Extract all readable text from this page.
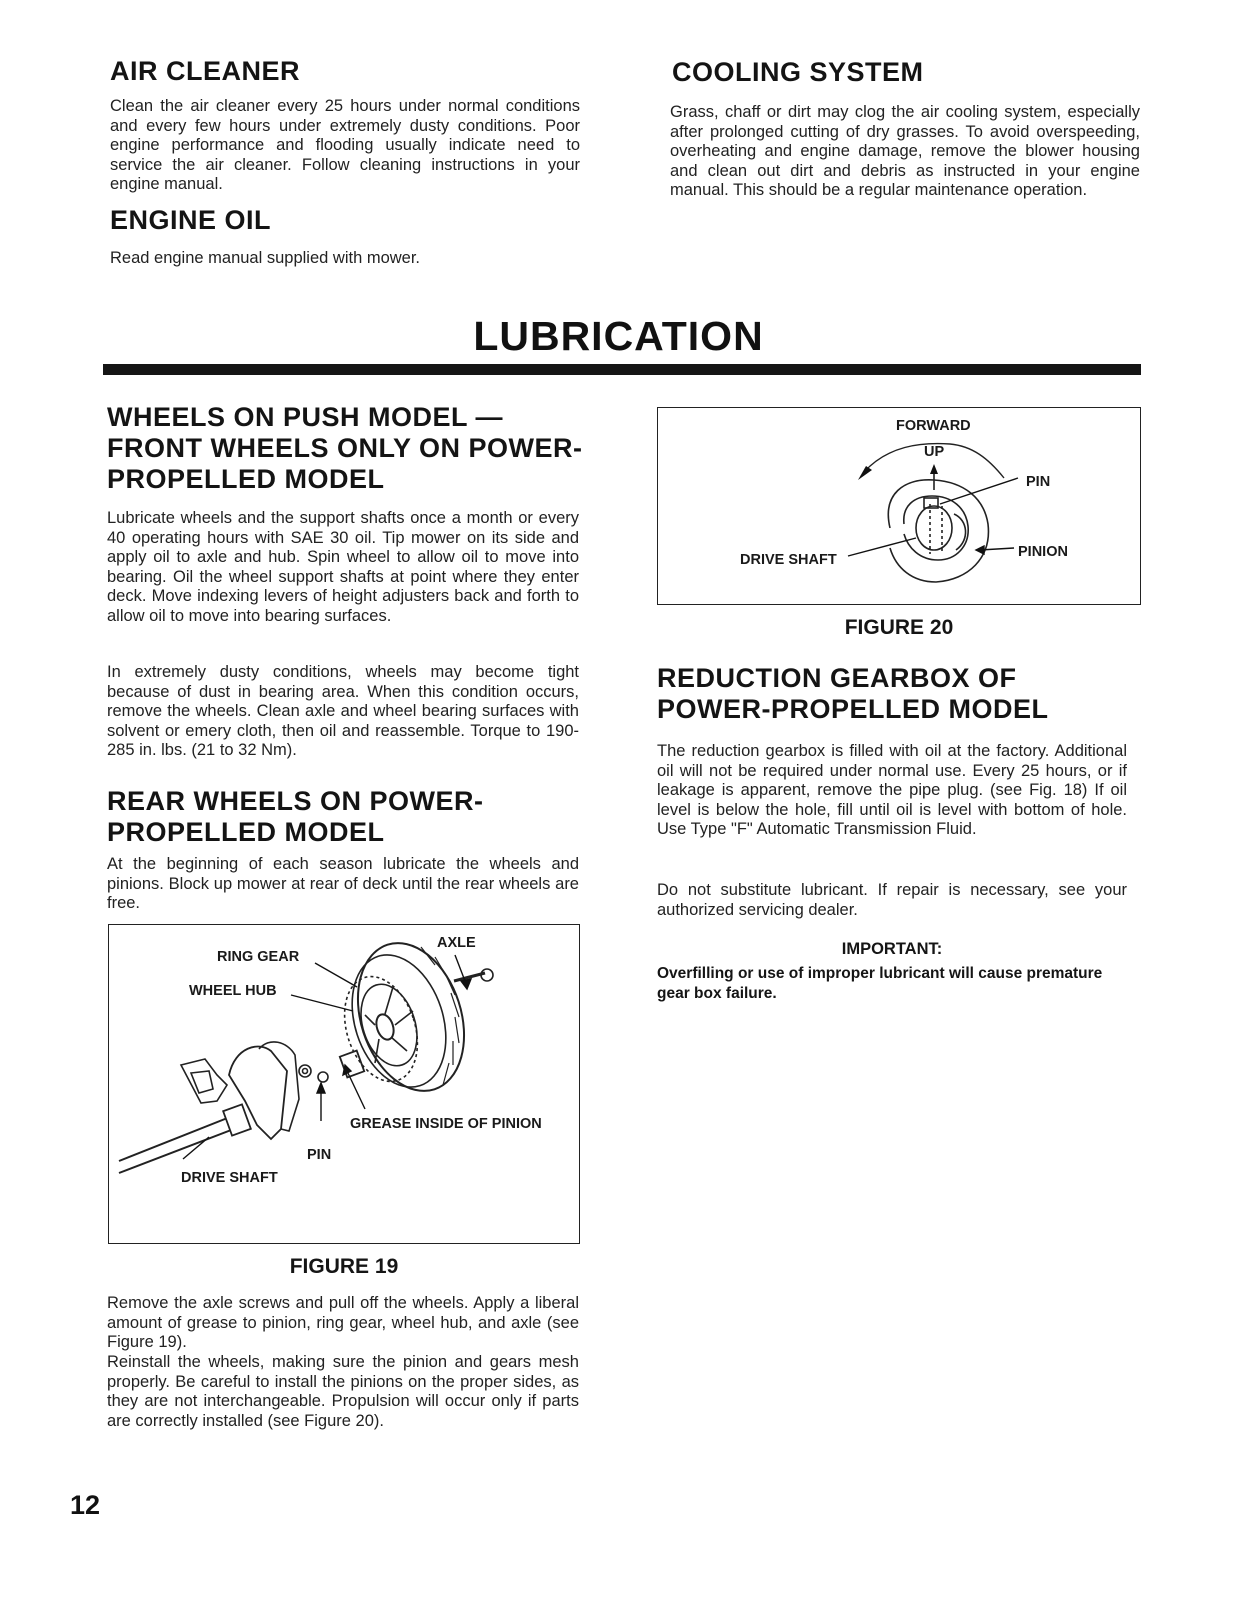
AIR CLEANER

Clean the air cleaner every 25 hours under normal conditions and every few hours under extremely dusty conditions. Poor engine performance and flooding usually indicate need to service the air cleaner. Follow cleaning instructions in your engine manual.

ENGINE OIL

Read engine manual supplied with mower.

COOLING SYSTEM

Grass, chaff or dirt may clog the air cooling system, especially after prolonged cutting of dry grasses. To avoid overspeeding, overheating and engine damage, remove the blower housing and clean out dirt and debris as instructed in your engine manual. This should be a regular maintenance operation.

LUBRICATION
WHEELS ON PUSH MODEL — FRONT WHEELS ONLY ON POWER-PROPELLED MODEL

Lubricate wheels and the support shafts once a month or every 40 operating hours with SAE 30 oil. Tip mower on its side and apply oil to axle and hub. Spin wheel to allow oil to move into bearing. Oil the wheel support shafts at point where they enter deck. Move indexing levers of height adjusters back and forth to allow oil to move into bearing surfaces.

In extremely dusty conditions, wheels may become tight because of dust in bearing area. When this condition occurs, remove the wheels. Clean axle and wheel bearing surfaces with solvent or emery cloth, then oil and reassemble. Torque to 190-285 in. lbs. (21 to 32 Nm).

REAR WHEELS ON POWER-PROPELLED MODEL

At the beginning of each season lubricate the wheels and pinions. Block up mower at rear of deck until the rear wheels are free.

RING GEAR
AXLE
WHEEL HUB
GREASE INSIDE OF PINION
PIN
DRIVE SHAFT
FIGURE 19

Remove the axle screws and pull off the wheels. Apply a liberal amount of grease to pinion, ring gear, wheel hub, and axle (see Figure 19).

Reinstall the wheels, making sure the pinion and gears mesh properly. Be careful to install the pinions on the proper sides, as they are not interchangeable. Propulsion will occur only if parts are correctly installed (see Figure 20).

FORWARD
UP
PIN
PINION
DRIVE SHAFT
FIGURE 20
REDUCTION GEARBOX OF POWER-PROPELLED MODEL

The reduction gearbox is filled with oil at the factory. Additional oil will not be required under normal use. Every 25 hours, or if leakage is apparent, remove the pipe plug. (see Fig. 18) If oil level is below the hole, fill until oil is level with bottom of hole. Use Type "F" Automatic Transmission Fluid.

Do not substitute lubricant. If repair is necessary, see your authorized servicing dealer.

IMPORTANT:
Overfilling or use of improper lubricant will cause premature gear box failure.
12
